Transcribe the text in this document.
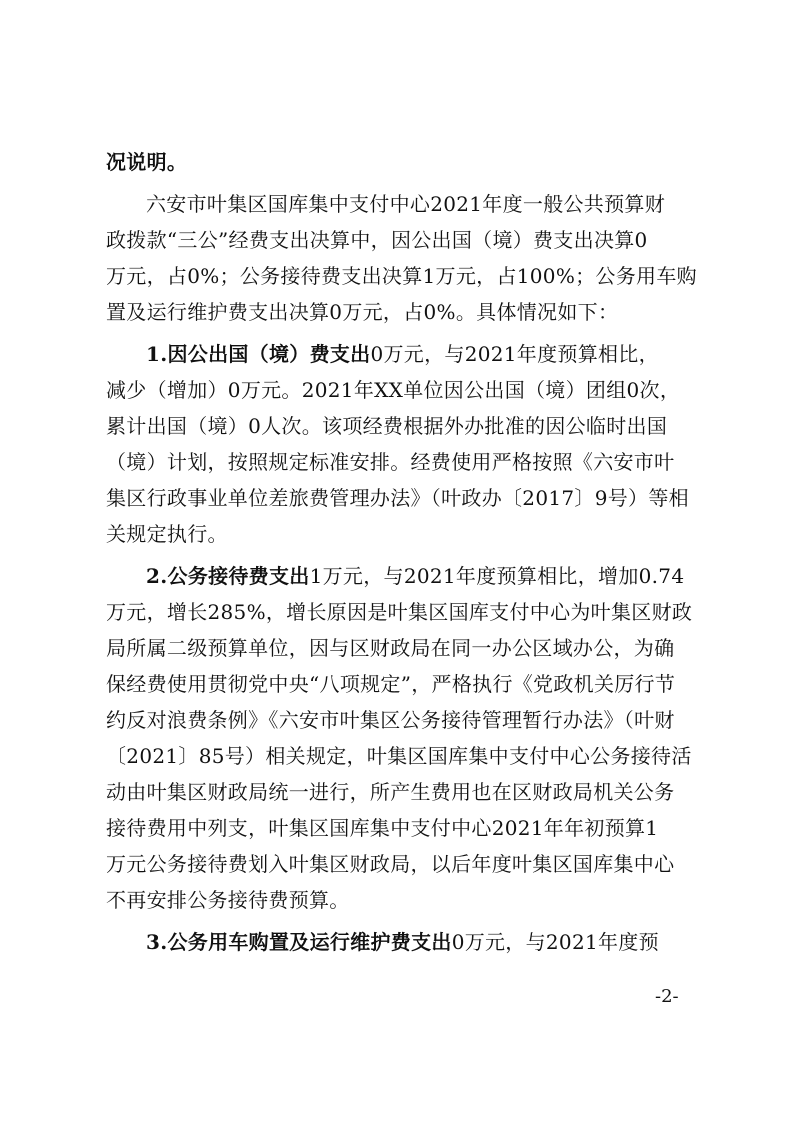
况说明。
六安市叶集区国库集中支付中心2021年度一般公共预算财
政拨款“三公”经费支出决算中，因公出国（境）费支出决算0
万元，占0%；公务接待费支出决算1万元，占100%；公务用车购
置及运行维护费支出决算0万元，占0%。具体情况如下：
1.因公出国（境）费支出0万元，与2021年度预算相比，
减少（增加）0万元。2021年XX单位因公出国（境）团组0次，
累计出国（境）0人次。该项经费根据外办批准的因公临时出国
（境）计划，按照规定标准安排。经费使用严格按照《六安市叶
集区行政事业单位差旅费管理办法》（叶政办〔2017〕9号）等相
关规定执行。
2.公务接待费支出1万元，与2021年度预算相比，增加0.74
万元，增长285%，增长原因是叶集区国库支付中心为叶集区财政
局所属二级预算单位，因与区财政局在同一办公区域办公，为确
保经费使用贯彻党中央“八项规定”，严格执行《党政机关厉行节
约反对浪费条例》《六安市叶集区公务接待管理暂行办法》（叶财
〔2021〕85号）相关规定，叶集区国库集中支付中心公务接待活
动由叶集区财政局统一进行，所产生费用也在区财政局机关公务
接待费用中列支，叶集区国库集中支付中心2021年年初预算1
万元公务接待费划入叶集区财政局，以后年度叶集区国库集中心
不再安排公务接待费预算。
3.公务用车购置及运行维护费支出0万元，与2021年度预
-2-
